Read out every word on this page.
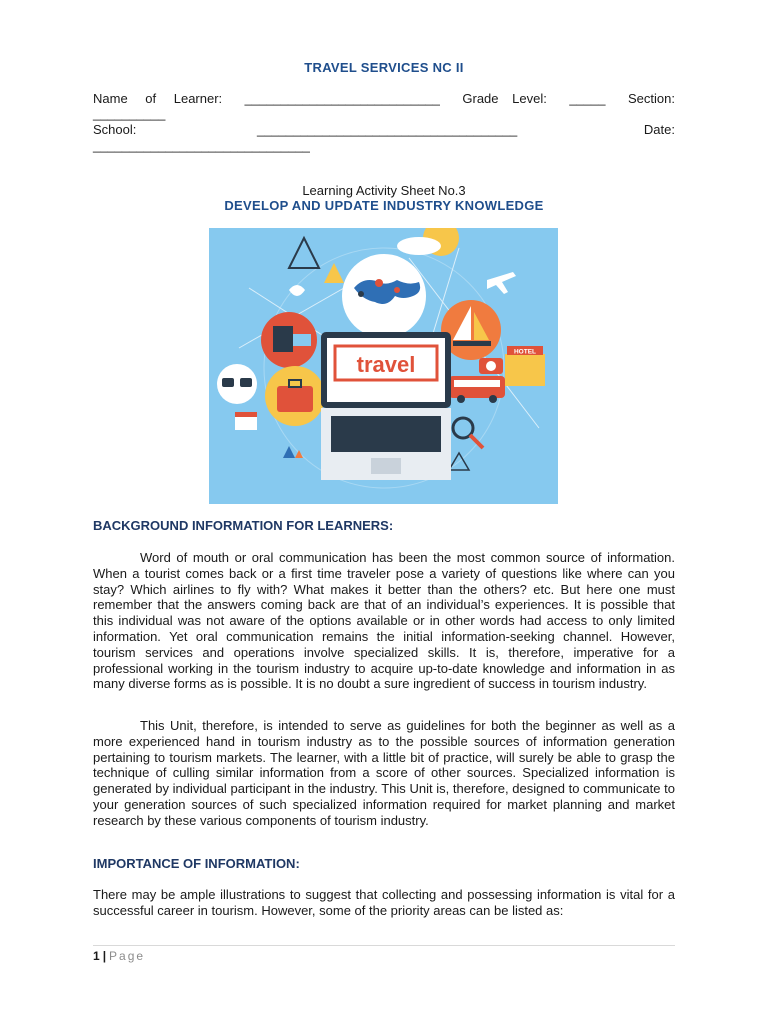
TRAVEL SERVICES NC II
Name of Learner: ___________________________ Grade Level: _____ Section:
__________
School:	____________________________________	Date:
______________________________
Learning Activity Sheet No.3
DEVELOP AND UPDATE INDUSTRY KNOWLEDGE
HOTEL
travel
BACKGROUND INFORMATION FOR LEARNERS:

Word of mouth or oral communication has been the most common source of information. When a tourist comes back or a first time traveler pose a variety of questions like where can you stay? Which airlines to fly with? What makes it better than the others? etc. But here one must remember that the answers coming back are that of an individual’s experiences. It is possible that this individual was not aware of the options available or in other words had access to only limited information. Yet oral communication remains the initial information-seeking channel. However, tourism services and operations involve specialized skills. It is, therefore, imperative for a professional working in the tourism industry to acquire up-to-date knowledge and information in as many diverse forms as is possible. It is no doubt a sure ingredient of success in tourism industry.

This Unit, therefore, is intended to serve as guidelines for both the beginner as well as a more experienced hand in tourism industry as to the possible sources of information generation pertaining to tourism markets. The learner, with a little bit of practice, will surely be able to grasp the technique of culling similar information from a score of other sources. Specialized information is generated by individual participant in the industry. This Unit is, therefore, designed to communicate to your generation sources of such specialized information required for market planning and market research by these various components of tourism industry.

IMPORTANCE OF INFORMATION:

There may be ample illustrations to suggest that collecting and possessing information is vital for a successful career in tourism. However, some of the priority areas can be listed as:

1 | Page
